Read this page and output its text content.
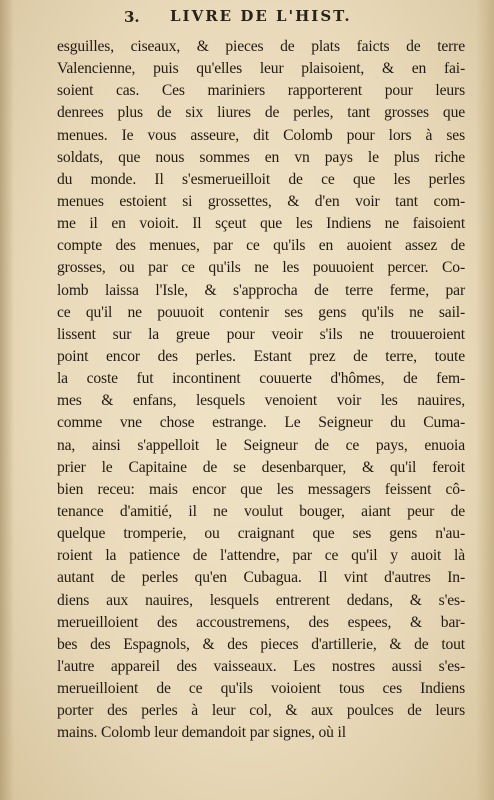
3. LIVRE DE L'HIST.
esguilles, ciseaux, & pieces de plats faicts de terre
Valencienne, puis qu'elles leur plaisoient, & en fai-
soient cas. Ces mariniers rapporterent pour leurs
denrees plus de six liures de perles, tant grosses que
menues. Ie vous asseure, dit Colomb pour lors à ses
soldats, que nous sommes en vn pays le plus riche
du monde. Il s'esmerueilloit de ce que les perles
menues estoient si grossettes, & d'en voir tant com-
me il en voioit. Il sçeut que les Indiens ne faisoient
compte des menues, par ce qu'ils en auoient assez de
grosses, ou par ce qu'ils ne les pouuoient percer. Co-
lomb laissa l'Isle, & s'approcha de terre ferme, par
ce qu'il ne pouuoit contenir ses gens qu'ils ne sail-
lissent sur la greue pour veoir s'ils ne trouueroient
point encor des perles. Estant prez de terre, toute
la coste fut incontinent couuerte d'hômes, de fem-
mes & enfans, lesquels venoient voir les nauires,
comme vne chose estrange. Le Seigneur du Cuma-
na, ainsi s'appelloit le Seigneur de ce pays, enuoia
prier le Capitaine de se desenbarquer, & qu'il feroit
bien receu: mais encor que les messagers feissent cô-
tenance d'amitié, il ne voulut bouger, aiant peur de
quelque tromperie, ou craignant que ses gens n'au-
roient la patience de l'attendre, par ce qu'il y auoit là
autant de perles qu'en Cubagua. Il vint d'autres In-
diens aux nauires, lesquels entrerent dedans, & s'es-
merueilloient des accoustremens, des espees, & bar-
bes des Espagnols, & des pieces d'artillerie, & de tout
l'autre appareil des vaisseaux. Les nostres aussi s'es-
merueilloient de ce qu'ils voioient tous ces Indiens
porter des perles à leur col, & aux poulces de leurs
mains. Colomb leur demandoit par signes, où il
